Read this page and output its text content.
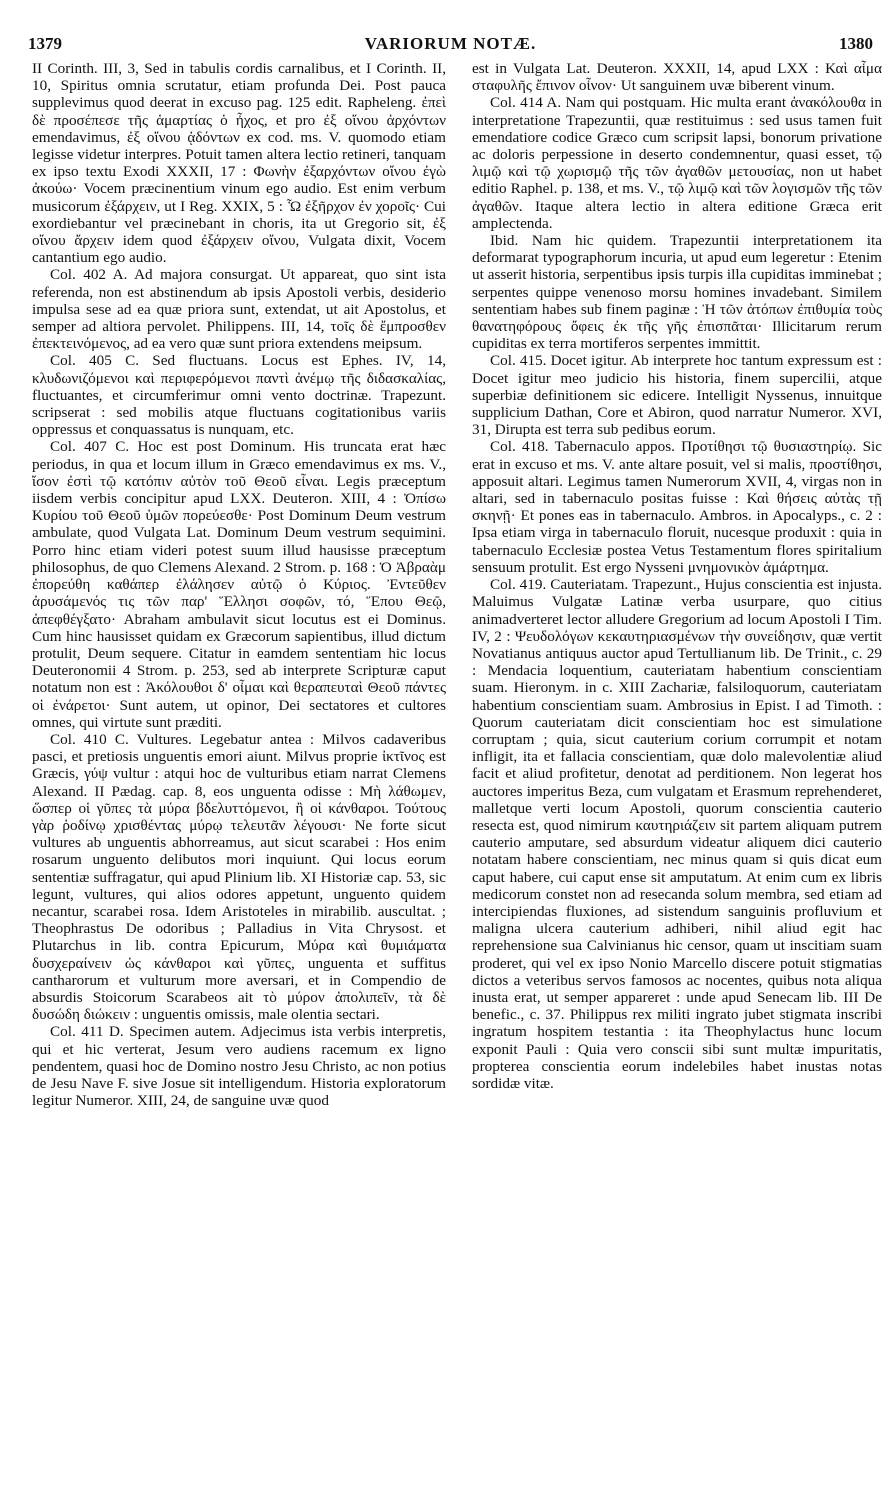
1379	VARIORUM NOTÆ.	1380

II Corinth. III, 3, Sed in tabulis cordis carnalibus, et I Corinth. II, 10, Spiritus omnia scrutatur, etiam profunda Dei. Post pauca supplevimus quod deerat in excuso pag. 125 edit. Rapheleng. ἐπεὶ δὲ προσέπεσε τῆς ἁμαρτίας ὁ ἦχος, et pro ἐξ οἴνου ἀρχόντων emendavimus, ἐξ οἴνου ᾀδόντων ex cod. ms. V. quomodo etiam legisse videtur interpres. Potuit tamen altera lectio retineri, tanquam ex ipso textu Exodi XXXII, 17 : Φωνὴν ἐξαρχόντων οἴνου ἐγὼ ἀκούω· Vocem præcinentium vinum ego audio. Est enim verbum musicorum ἐξάρχειν, ut I Reg. XXIX, 5 : Ὧ ἐξῆρχον ἐν χοροῖς· Cui exordiebantur vel præcinebant in choris, ita ut Gregorio sit, ἐξ οἴνου ἄρχειν idem quod ἐξάρχειν οἴνου, Vulgata dixit, Vocem cantantium ego audio.

Col. 402 A. Ad majora consurgat. Ut appareat, quo sint ista referenda, non est abstinendum ab ipsis Apostoli verbis, desiderio impulsa sese ad ea quæ priora sunt, extendat, ut ait Apostolus, et semper ad altiora pervolet. Philippens. III, 14, τοῖς δὲ ἔμπροσθεν ἐπεκτεινόμενος, ad ea vero quæ sunt priora extendens meipsum.

Col. 405 C. Sed fluctuans. Locus est Ephes. IV, 14, κλυδωνιζόμενοι καὶ περιφερόμενοι παντὶ ἀνέμῳ τῆς διδασκαλίας, fluctuantes, et circumferimur omni vento doctrinæ. Trapezunt. scripserat : sed mobilis atque fluctuans cogitationibus variis oppressus et conquassatus is nunquam, etc.

Col. 407 C. Hoc est post Dominum. His truncata erat hæc periodus, in qua et locum illum in Græco emendavimus ex ms. V., ἴσον ἐστὶ τῷ κατόπιν αὐτὸν τοῦ Θεοῦ εἶναι. Legis præceptum iisdem verbis concipitur apud LXX. Deuteron. XIII, 4 : Ὀπίσω Κυρίου τοῦ Θεοῦ ὑμῶν πορεύεσθε· Post Dominum Deum vestrum ambulate, quod Vulgata Lat. Dominum Deum vestrum sequimini. Porro hinc etiam videri potest suum illud hausisse præceptum philosophus, de quo Clemens Alexand. 2 Strom. p. 168 : Ὁ Ἀβραὰμ ἐπορεύθη καθάπερ ἐλάλησεν αὐτῷ ὁ Κύριος. Ἐντεῦθεν ἀρυσάμενός τις τῶν παρ' Ἕλλησι σοφῶν, τό, Ἕπου Θεῷ, ἀπεφθέγξατο· Abraham ambulavit sicut locutus est ei Dominus. Cum hinc hausisset quidam ex Græcorum sapientibus, illud dictum protulit, Deum sequere. Citatur in eamdem sententiam hic locus Deuteronomii 4 Strom. p. 253, sed ab interprete Scripturæ caput notatum non est : Ἀκόλουθοι δ' οἶμαι καὶ θεραπευταὶ Θεοῦ πάντες οἱ ἐνάρετοι· Sunt autem, ut opinor, Dei sectatores et cultores omnes, qui virtute sunt præditi.

Col. 410 C. Vultures. Legebatur antea : Milvos cadaveribus pasci, et pretiosis unguentis emori aiunt. Milvus proprie ἰκτῖνος est Græcis, γύψ vultur : atqui hoc de vulturibus etiam narrat Clemens Alexand. II Pædag. cap. 8, eos unguenta odisse : Μὴ λάθωμεν, ὥσπερ οἱ γῦπες τὰ μύρα βδελυττόμενοι, ἢ οἱ κάνθαροι. Τούτους γὰρ ῥοδίνῳ χρισθέντας μύρῳ τελευτᾶν λέγουσι· Ne forte sicut vultures ab unguentis abhorreamus, aut sicut scarabei : Hos enim rosarum unguento delibutos mori inquiunt. Qui locus eorum sententiæ suffragatur, qui apud Plinium lib. XI Historiæ cap. 53, sic legunt, vultures, qui alios odores appetunt, unguento quidem necantur, scarabei rosa. Idem Aristoteles in mirabilib. auscultat. ; Theophrastus De odoribus ; Palladius in Vita Chrysost. et Plutarchus in lib. contra Epicurum, Μύρα καὶ θυμιάματα δυσχεραίνειν ὡς κάνθαροι καὶ γῦπες, unguenta et suffitus cantharorum et vulturum more aversari, et in Compendio de absurdis Stoicorum Scarabeos ait τὸ μύρον ἀπολιπεῖν, τὰ δὲ δυσώδη διώκειν : unguentis omissis, male olentia sectari.

Col. 411 D. Specimen autem. Adjecimus ista verbis interpretis, qui et hic verterat, Jesum vero audiens racemum ex ligno pendentem, quasi hoc de Domino nostro Jesu Christo, ac non potius de Jesu Nave F. sive Josue sit intelligendum. Historia exploratorum legitur Numeror. XIII, 24, de sanguine uvæ quod

est in Vulgata Lat. Deuteron. XXXII, 14, apud LXX : Καὶ αἷμα σταφυλῆς ἔπινον οἶνον· Ut sanguinem uvæ biberent vinum.

Col. 414 A. Nam qui postquam. Hic multa erant ἀνακόλουθα in interpretatione Trapezuntii, quæ restituimus : sed usus tamen fuit emendatiore codice Græco cum scripsit lapsi, bonorum privatione ac doloris perpessione in deserto condemnentur, quasi esset, τῷ λιμῷ καὶ τῷ χωρισμῷ τῆς τῶν ἀγαθῶν μετουσίας, non ut habet editio Raphel. p. 138, et ms. V., τῷ λιμῷ καὶ τῶν λογισμῶν τῆς τῶν ἀγαθῶν. Itaque altera lectio in altera editione Græca erit amplectenda.

Ibid. Nam hic quidem. Trapezuntii interpretationem ita deformarat typographorum incuria, ut apud eum legeretur : Etenim ut asserit historia, serpentibus ipsis turpis illa cupiditas imminebat ; serpentes quippe venenoso morsu homines invadebant. Similem sententiam habes sub finem paginæ : Ἡ τῶν ἀτόπων ἐπιθυμία τοὺς θανατηφόρους ὄφεις ἐκ τῆς γῆς ἐπισπᾶται· Illicitarum rerum cupiditas ex terra mortiferos serpentes immittit.

Col. 415. Docet igitur. Ab interprete hoc tantum expressum est : Docet igitur meo judicio his historia, finem supercilii, atque superbiæ definitionem sic edicere. Intelligit Nyssenus, innuitque supplicium Dathan, Core et Abiron, quod narratur Numeror. XVI, 31, Dirupta est terra sub pedibus eorum.

Col. 418. Tabernaculo appos. Προτίθησι τῷ θυσιαστηρίῳ. Sic erat in excuso et ms. V. ante altare posuit, vel si malis, προστίθησι, apposuit altari. Legimus tamen Numerorum XVII, 4, virgas non in altari, sed in tabernaculo positas fuisse : Καὶ θήσεις αὐτὰς τῇ σκηνῇ· Et pones eas in tabernaculo. Ambros. in Apocalyps., c. 2 : Ipsa etiam virga in tabernaculo floruit, nucesque produxit : quia in tabernaculo Ecclesiæ postea Vetus Testamentum flores spiritalium sensuum protulit. Est ergo Nysseni μνημονικὸν ἁμάρτημα.

Col. 419. Cauteriatam. Trapezunt., Hujus conscientia est injusta. Maluimus Vulgatæ Latinæ verba usurpare, quo citius animadverteret lector alludere Gregorium ad locum Apostoli I Tim. IV, 2 : Ψευδολόγων κεκαυτηριασμένων τὴν συνείδησιν, quæ vertit Novatianus antiquus auctor apud Tertullianum lib. De Trinit., c. 29 : Mendacia loquentium, cauteriatam habentium conscientiam suam. Hieronym. in c. XIII Zachariæ, falsiloquorum, cauteriatam habentium conscientiam suam. Ambrosius in Epist. I ad Timoth. : Quorum cauteriatam dicit conscientiam hoc est simulatione corruptam ; quia, sicut cauterium corium corrumpit et notam infligit, ita et fallacia conscientiam, quæ dolo malevolentiæ aliud facit et aliud profitetur, denotat ad perditionem. Non legerat hos auctores imperitus Beza, cum vulgatam et Erasmum reprehenderet, malletque verti locum Apostoli, quorum conscientia cauterio resecta est, quod nimirum καυτηριάζειν sit partem aliquam putrem cauterio amputare, sed absurdum videatur aliquem dici cauterio notatam habere conscientiam, nec minus quam si quis dicat eum caput habere, cui caput ense sit amputatum. At enim cum ex libris medicorum constet non ad resecanda solum membra, sed etiam ad intercipiendas fluxiones, ad sistendum sanguinis profluvium et maligna ulcera cauterium adhiberi, nihil aliud egit hac reprehensione sua Calvinianus hic censor, quam ut inscitiam suam proderet, qui vel ex ipso Nonio Marcello discere potuit stigmatias dictos a veteribus servos famosos ac nocentes, quibus nota aliqua inusta erat, ut semper appareret : unde apud Senecam lib. III De benefic., c. 37. Philippus rex militi ingrato jubet stigmata inscribi ingratum hospitem testantia : ita Theophylactus hunc locum exponit Pauli : Quia vero conscii sibi sunt multæ impuritatis, propterea conscientia eorum indelebiles habet inustas notas sordidæ vitæ.
